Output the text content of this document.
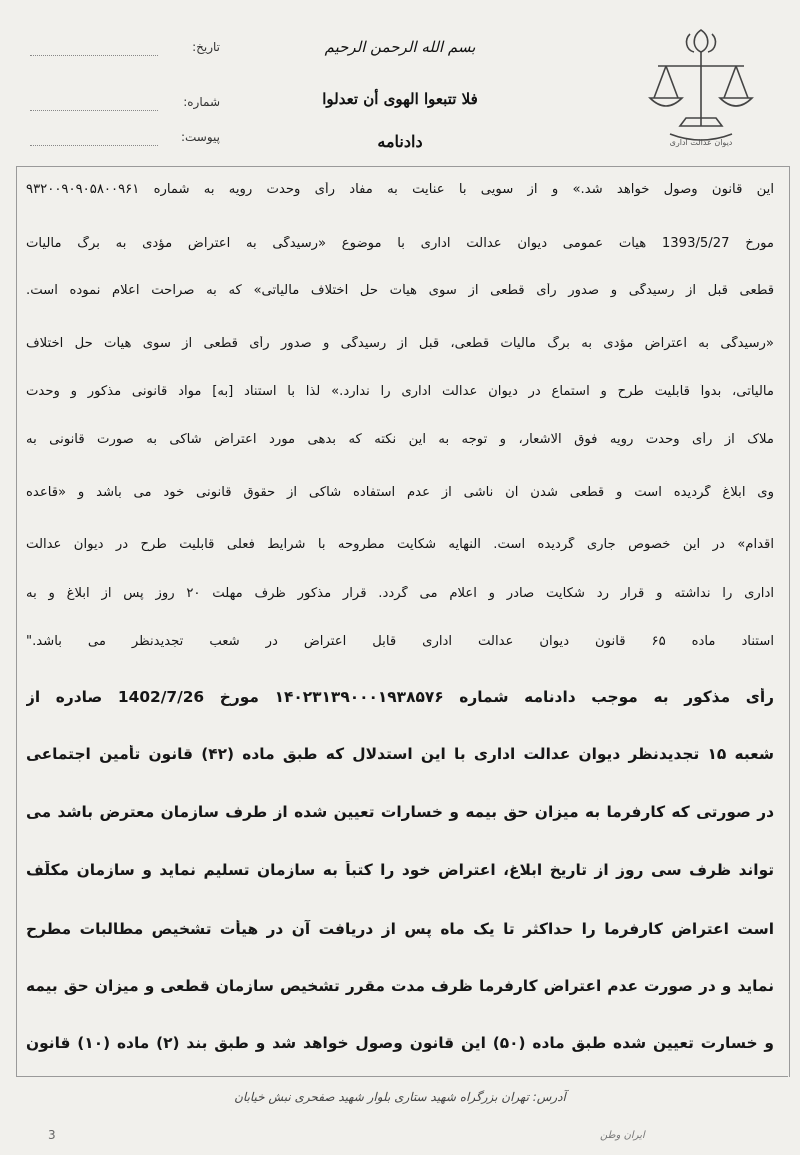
دیوان عدالت اداری
بسم الله الرحمن الرحیم
فلا تتبعوا الهوی أن تعدلوا
دادنامه
تاریخ:
شماره:
پیوست:
این قانون وصول خواهد شد.» و از سویی با عنایت به مفاد رأی وحدت رویه به شماره ۹۳۲۰۰۹۰۹۰۵۸۰۰۹۶۱
مورخ 1393/5/27 هیأت عمومی دیوان عدالت اداری با موضوع «رسیدگی به اعتراض مؤدی به برگ مالیات
قطعی قبل از رسیدگی و صدور رأی قطعی از سوی هیأت حل اختلاف مالیاتی» که به صراحت اعلام نموده است.
«رسیدگی به اعتراض مؤدی به برگ مالیات قطعی، قبل از رسیدگی و صدور رأی قطعی از سوی هیأت حل اختلاف
مالیاتی، بدواً قابلیت طرح و استماع در دیوان عدالت اداری را ندارد.» لذا با استناد [به] مواد قانونی مذکور و وحدت
ملاک از رأی وحدت رویه فوق الاشعار، و توجه به این نکته که بدهی مورد اعتراض شاکی به صورت قانونی به
وی ابلاغ گردیده است و قطعی شدن آن ناشی از عدم استفاده شاکی از حقوق قانونی خود می باشد و «قاعده
اقدام» در این خصوص جاری گردیده است. النهایه شکایت مطروحه با شرایط فعلی قابلیت طرح در دیوان عدالت
اداری را نداشته و قرار رد شکایت صادر و اعلام می گردد. قرار مذکور ظرف مهلت ۲۰ روز پس از ابلاغ و به
استناد ماده ۶۵ قانون دیوان عدالت اداری قابل اعتراض در شعب تجدیدنظر می باشد."
رأی مذکور به موجب دادنامه شماره ۱۴۰۲۳۱۳۹۰۰۰۱۹۳۸۵۷۶ مورخ 1402/7/26 صادره از
شعبه ۱۵ تجدیدنظر دیوان عدالت اداری با این استدلال که طبق ماده (۴۲) قانون تأمین اجتماعی
در صورتی که کارفرما به میزان حق بیمه و خسارات تعیین شده از طرف سازمان معترض باشد می
تواند ظرف سی روز از تاریخ ابلاغ، اعتراض خود را کتباً به سازمان تسلیم نماید و سازمان مکلّف
است اعتراض کارفرما را حداکثر تا یک ماه پس از دریافت آن در هیأت تشخیص مطالبات مطرح
نماید و در صورت عدم اعتراض کارفرما ظرف مدت مقرر تشخیص سازمان قطعی و میزان حق بیمه
و خسارت تعیین شده طبق ماده (۵۰) این قانون وصول خواهد شد و طبق بند (۲) ماده (۱۰) قانون
آدرس: تهران بزرگراه شهید ستاری بلوار شهید صفحری نبش خیابان
ایران وطن
3
